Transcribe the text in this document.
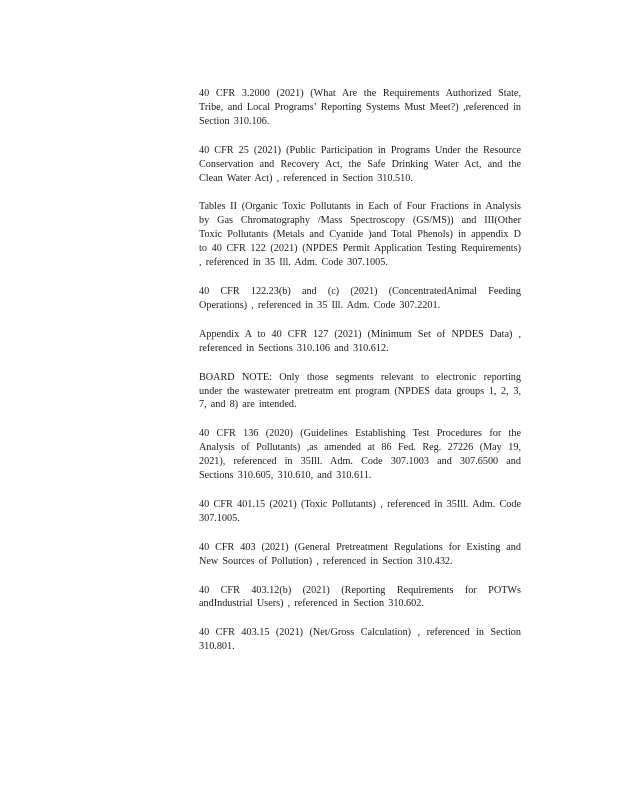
40 CFR 3.2000 (2021) (What Are the Requirements Authorized State, Tribe, and Local Programs’ Reporting Systems Must Meet?) ,referenced in Section 310.106.

40 CFR 25 (2021) (Public Participation in Programs Under the Resource Conservation and Recovery Act, the Safe Drinking Water Act, and the Clean Water Act) , referenced in Section 310.510.

Tables II (Organic Toxic Pollutants in Each of Four Fractions in Analysis by Gas Chromatography /Mass Spectroscopy (GS/MS)) and III(Other Toxic Pollutants (Metals and Cyanide )and Total Phenols) in appendix D to 40 CFR 122 (2021) (NPDES Permit Application Testing Requirements) , referenced in 35 Ill. Adm. Code 307.1005.

40 CFR 122.23(b) and (c) (2021) (ConcentratedAnimal Feeding Operations) , referenced in 35 Ill. Adm. Code 307.2201.

Appendix A to 40 CFR 127 (2021) (Minimum Set of NPDES Data) , referenced in Sections 310.106 and 310.612.

BOARD NOTE: Only those segments relevant to electronic reporting under the wastewater pretreatm ent program (NPDES data groups 1, 2, 3, 7, and 8) are intended.

40 CFR 136 (2020) (Guidelines Establishing Test Procedures for the Analysis of Pollutants) ,as amended at 86 Fed. Reg. 27226 (May 19, 2021), referenced in 35Ill. Adm. Code 307.1003 and 307.6500 and Sections 310.605, 310.610, and 310.611.

40 CFR 401.15 (2021) (Toxic Pollutants) , referenced in 35Ill. Adm. Code 307.1005.

40 CFR 403 (2021) (General Pretreatment Regulations for Existing and New Sources of Pollution) , referenced in Section 310.432.

40 CFR 403.12(b) (2021) (Reporting Requirements for POTWs andIndustrial Users) , referenced in Section 310.602.

40 CFR 403.15 (2021) (Net/Gross Calculation) , referenced in Section 310.801.
